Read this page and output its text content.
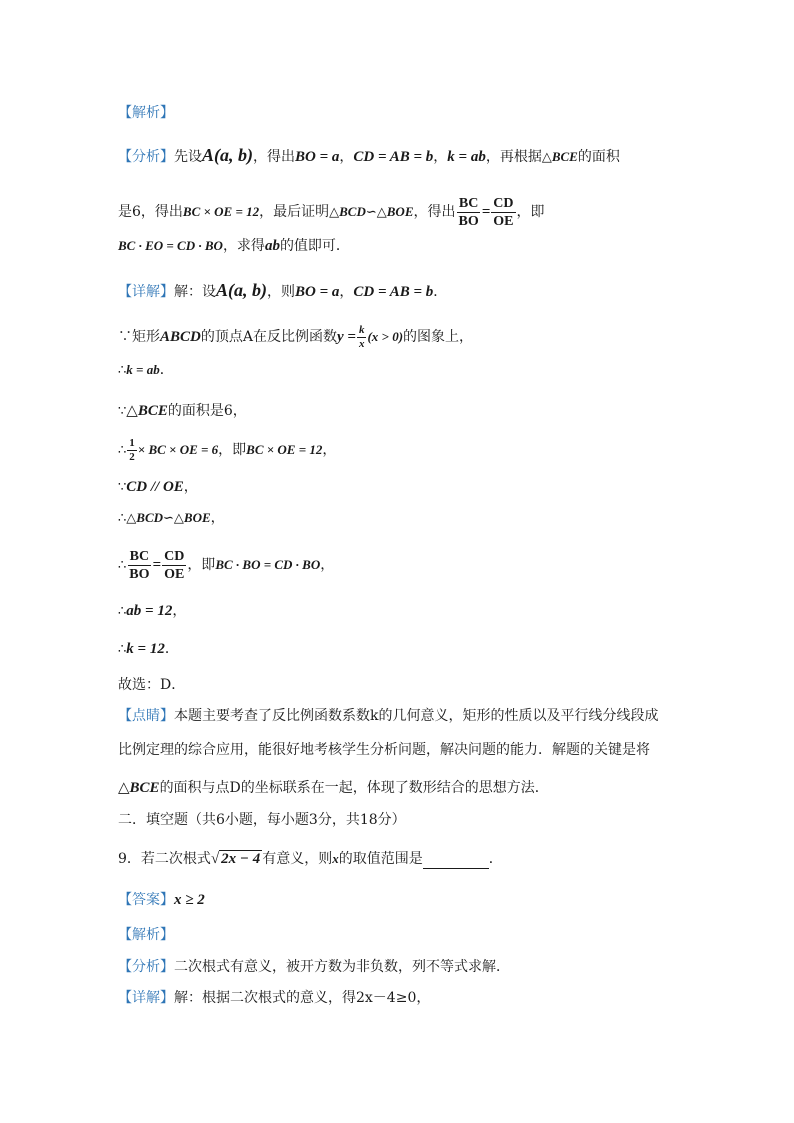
【解析】
【分析】先设A(a, b)，得出BO = a，CD = AB = b，k = ab，再根据△BCE的面积
是6，得出BC × OE = 12，最后证明△BCD∽△BOE，得出 $\frac{BC}{BO} = \frac{CD}{OE}$ ，即
BC · EO = CD · BO，求得ab的值即可．
【详解】解：设A(a, b)，则BO = a，CD = AB = b．
∵矩形ABCD的顶点A在反比例函数$y = \frac{k}{x} (x > 0)$的图象上，
∴k = ab．
∵△BCE的面积是6，
∴ $\frac{1}{2}$ × BC × OE = 6，即BC × OE = 12，
∵CD // OE，
∴△BCD∽△BOE，
∴ $\frac{BC}{BO} = \frac{CD}{OE}$ ，即BC · BO = CD · BO，
∴ab = 12，
∴k = 12．
故选：D．
【点睛】本题主要考查了反比例函数系数k的几何意义，矩形的性质以及平行线分线段成
比例定理的综合应用，能很好地考核学生分析问题，解决问题的能力．解题的关键是将
△BCE的面积与点D的坐标联系在一起，体现了数形结合的思想方法．
二．填空题（共6小题，每小题3分，共18分）
9．若二次根式√ 2x − 4 有意义，则x的取值范围是	．
【答案】x ≥ 2
【解析】
【分析】二次根式有意义，被开方数为非负数，列不等式求解．
【详解】解：根据二次根式的意义，得2x－4≥0，
